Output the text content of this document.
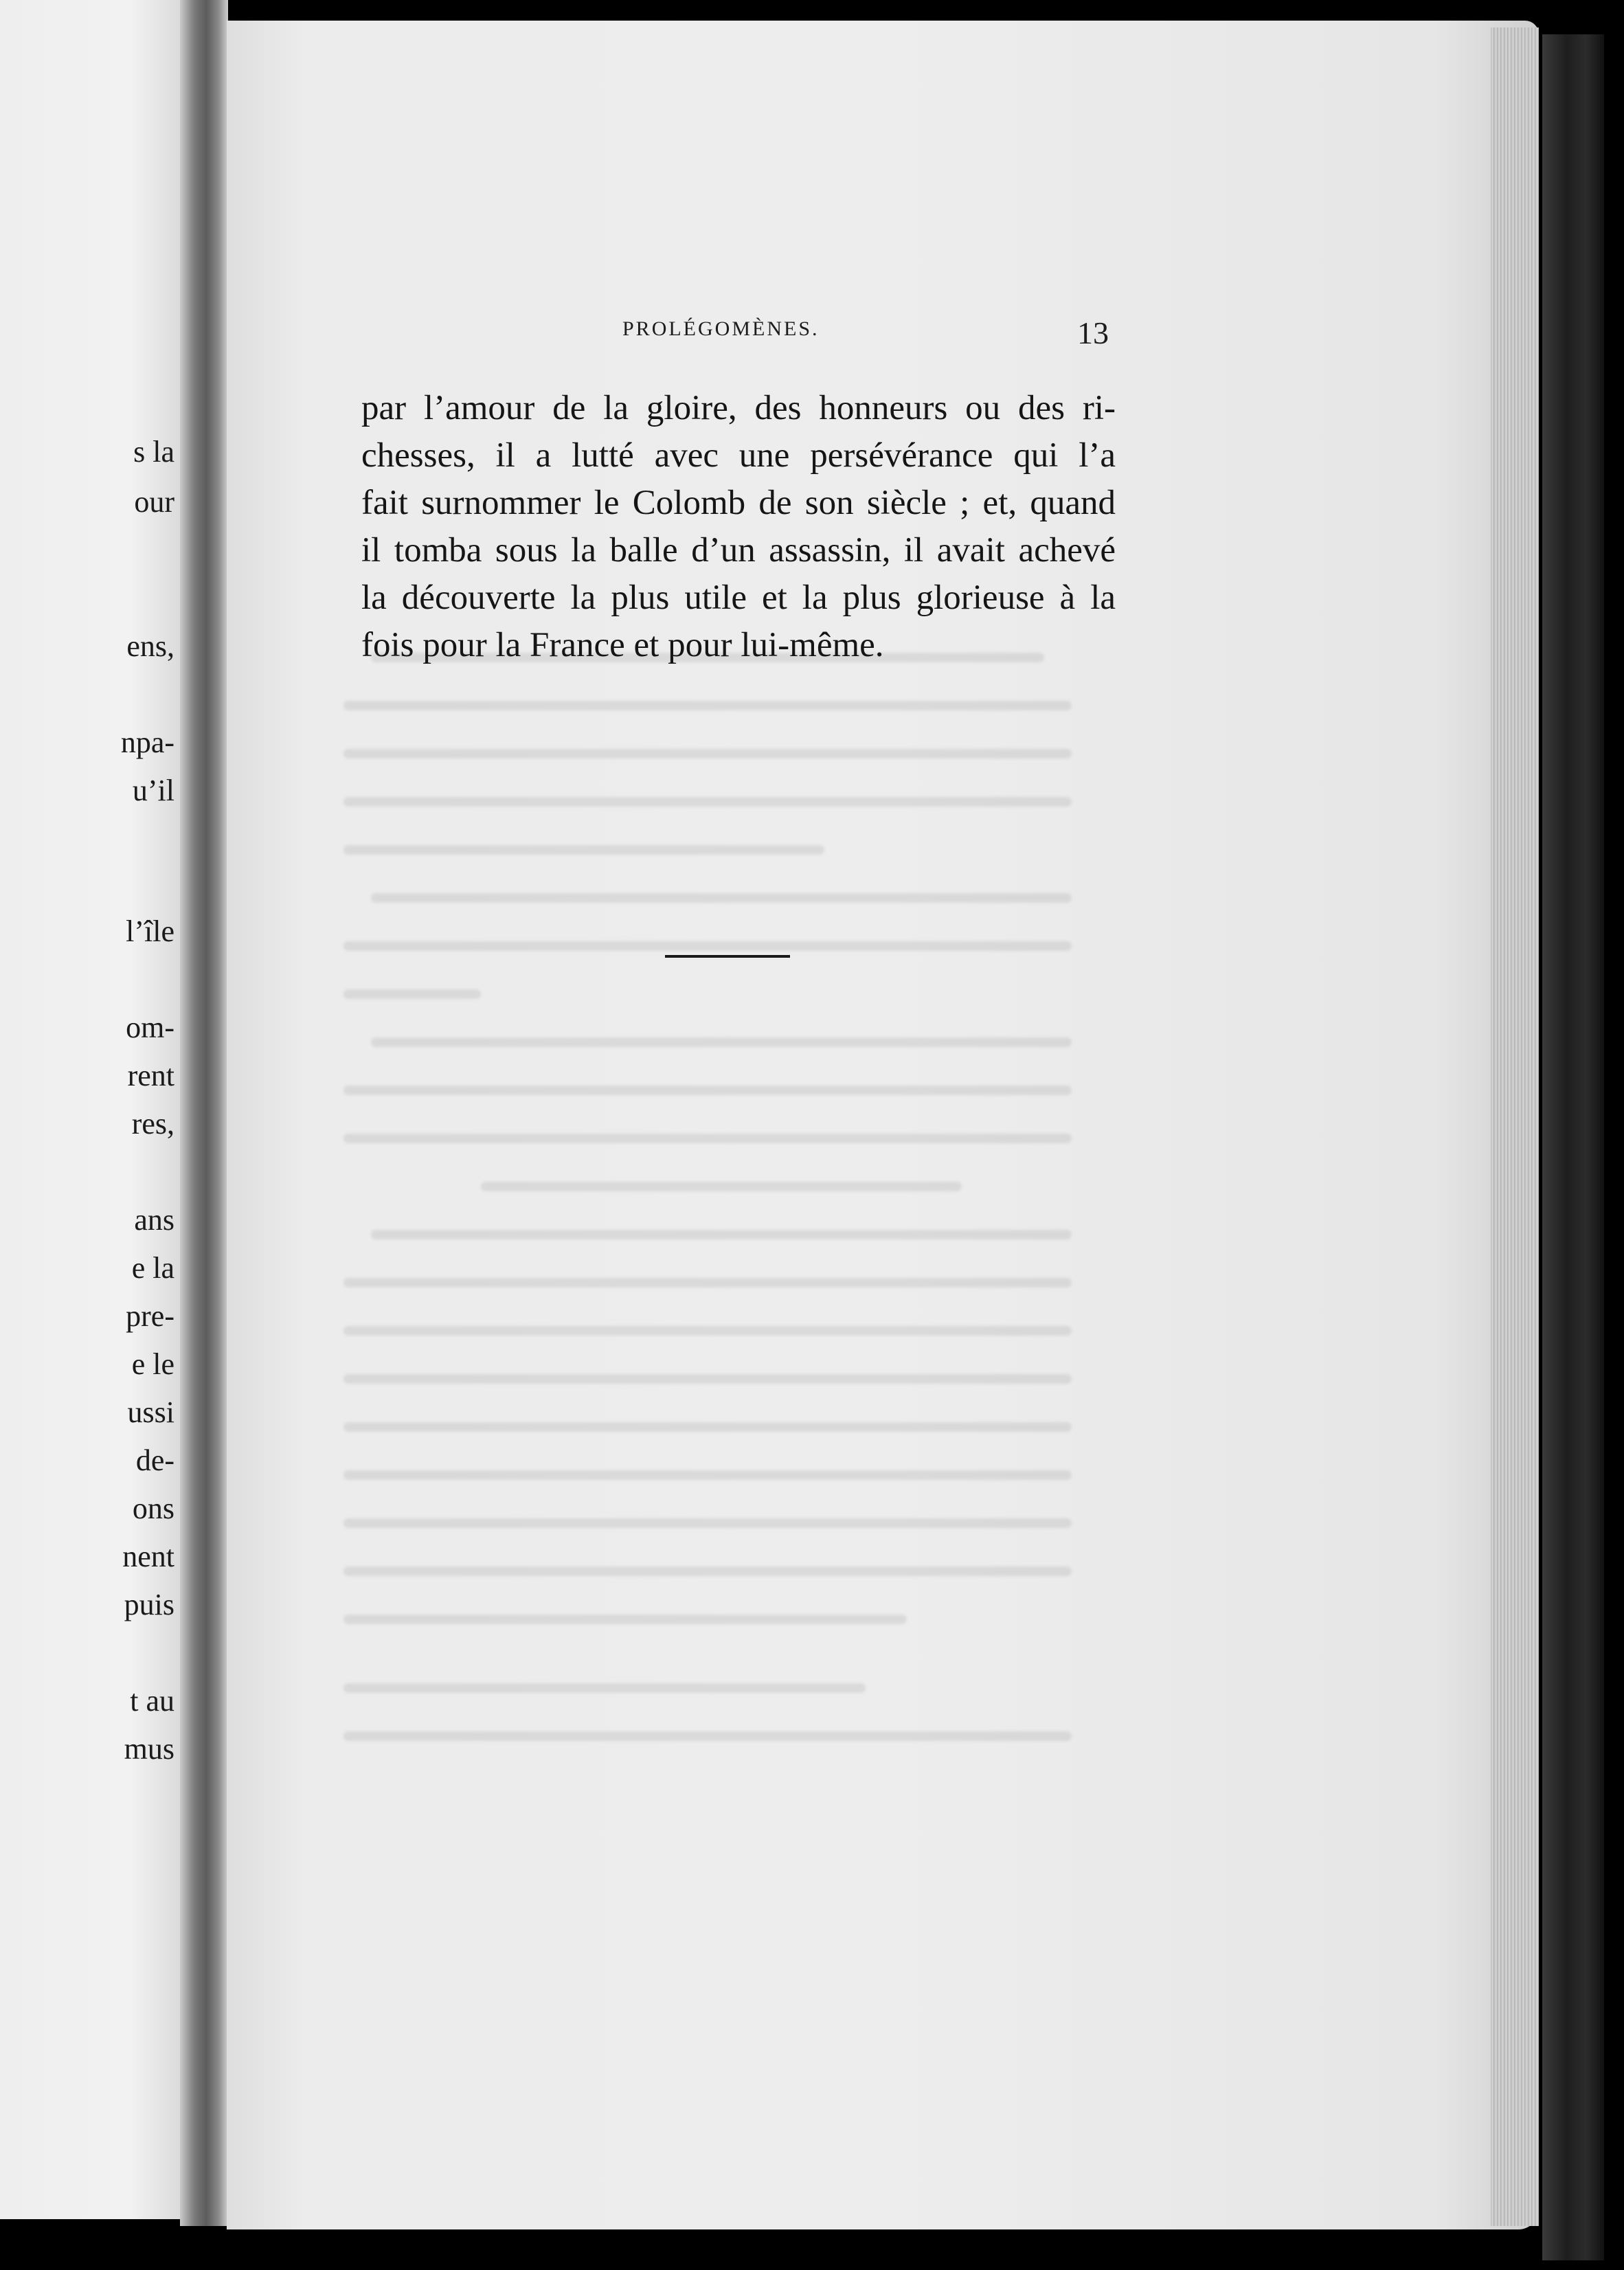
s la
our
ens,
npa-
u’il
l’île
om-
rent
res,
ans
e la
pre-
e le
ussi
de-
ons
nent
puis
t au
mus
PROLÉGOMÈNES.	13
par l’amour de la gloire, des honneurs ou des ri-
chesses, il a lutté avec une persévérance qui l’a
fait surnommer le Colomb de son siècle ; et, quand
il tomba sous la balle d’un assassin, il avait achevé
la découverte la plus utile et la plus glorieuse à la
fois pour la France et pour lui-même.
